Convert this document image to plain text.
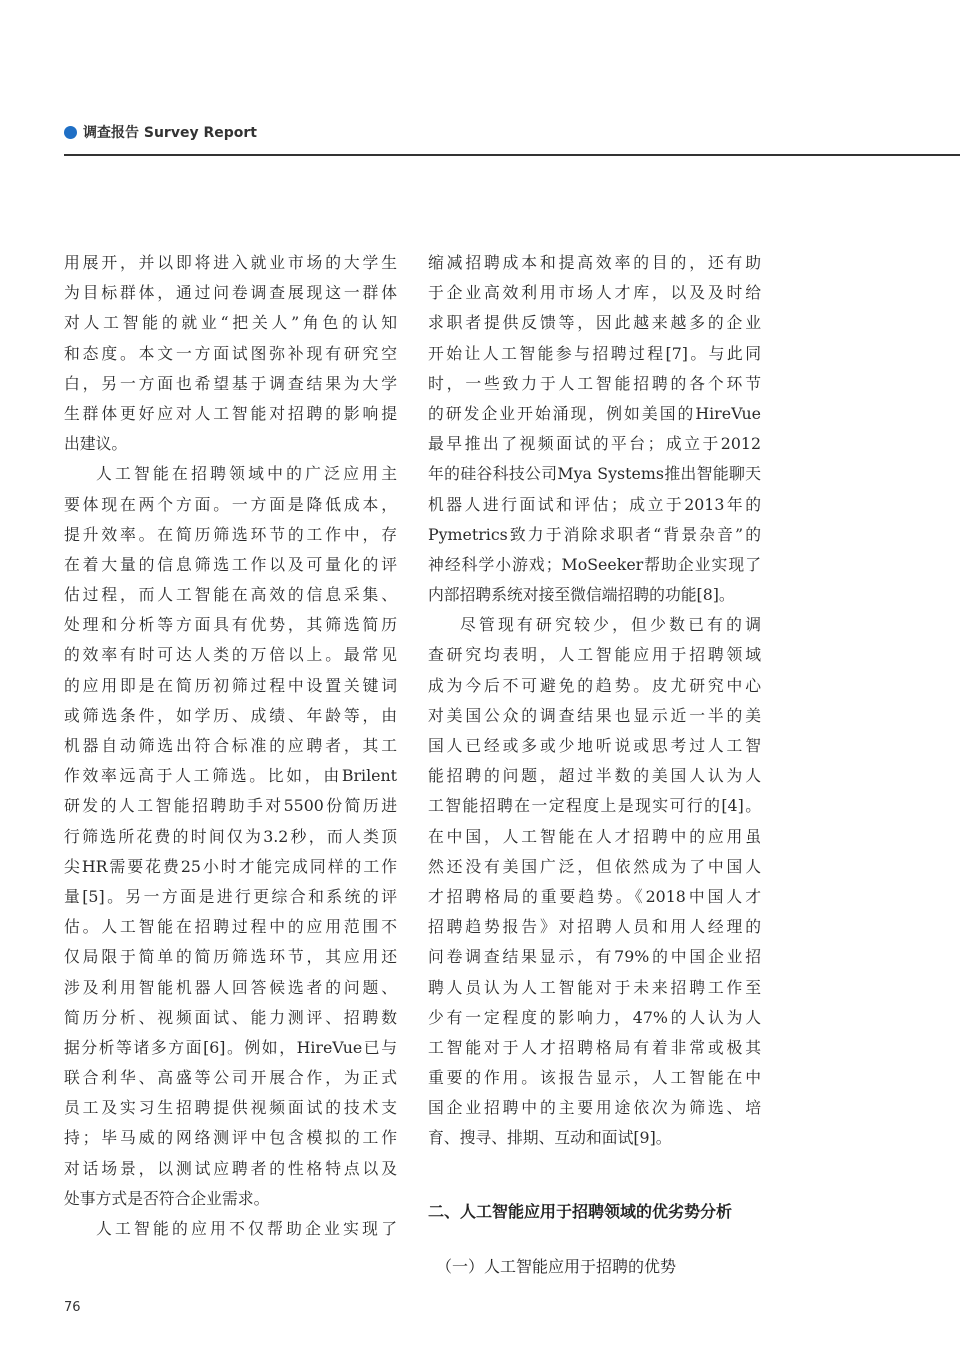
调查报告 Survey Report
用展开，并以即将进入就业市场的大学生
为目标群体，通过问卷调查展现这一群体
对人工智能的就业“把关人”角色的认知
和态度。本文一方面试图弥补现有研究空
白，另一方面也希望基于调查结果为大学
生群体更好应对人工智能对招聘的影响提
出建议。
人工智能在招聘领域中的广泛应用主
要体现在两个方面。一方面是降低成本，
提升效率。在简历筛选环节的工作中，存
在着大量的信息筛选工作以及可量化的评
估过程，而人工智能在高效的信息采集、
处理和分析等方面具有优势，其筛选简历
的效率有时可达人类的万倍以上。最常见
的应用即是在简历初筛过程中设置关键词
或筛选条件，如学历、成绩、年龄等，由
机器自动筛选出符合标准的应聘者，其工
作效率远高于人工筛选。比如，由Brilent
研发的人工智能招聘助手对5500份简历进
行筛选所花费的时间仅为3.2秒，而人类顶
尖HR需要花费25小时才能完成同样的工作
量[5]。另一方面是进行更综合和系统的评
估。人工智能在招聘过程中的应用范围不
仅局限于简单的简历筛选环节，其应用还
涉及利用智能机器人回答候选者的问题、
简历分析、视频面试、能力测评、招聘数
据分析等诸多方面[6]。例如，HireVue已与
联合利华、高盛等公司开展合作，为正式
员工及实习生招聘提供视频面试的技术支
持；毕马威的网络测评中包含模拟的工作
对话场景，以测试应聘者的性格特点以及
处事方式是否符合企业需求。
人工智能的应用不仅帮助企业实现了
缩减招聘成本和提高效率的目的，还有助
于企业高效利用市场人才库，以及及时给
求职者提供反馈等，因此越来越多的企业
开始让人工智能参与招聘过程[7]。与此同
时，一些致力于人工智能招聘的各个环节
的研发企业开始涌现，例如美国的HireVue
最早推出了视频面试的平台；成立于2012
年的硅谷科技公司Mya Systems推出智能聊天
机器人进行面试和评估；成立于2013年的
Pymetrics致力于消除求职者“背景杂音”的
神经科学小游戏；MoSeeker帮助企业实现了
内部招聘系统对接至微信端招聘的功能[8]。
尽管现有研究较少，但少数已有的调
查研究均表明，人工智能应用于招聘领域
成为今后不可避免的趋势。皮尤研究中心
对美国公众的调查结果也显示近一半的美
国人已经或多或少地听说或思考过人工智
能招聘的问题，超过半数的美国人认为人
工智能招聘在一定程度上是现实可行的[4]。
在中国，人工智能在人才招聘中的应用虽
然还没有美国广泛，但依然成为了中国人
才招聘格局的重要趋势。《2018中国人才
招聘趋势报告》对招聘人员和用人经理的
问卷调查结果显示，有79%的中国企业招
聘人员认为人工智能对于未来招聘工作至
少有一定程度的影响力，47%的人认为人
工智能对于人才招聘格局有着非常或极其
重要的作用。该报告显示，人工智能在中
国企业招聘中的主要用途依次为筛选、培
育、搜寻、排期、互动和面试[9]。
二、人工智能应用于招聘领域的优劣势分析
（一）人工智能应用于招聘的优势
76
